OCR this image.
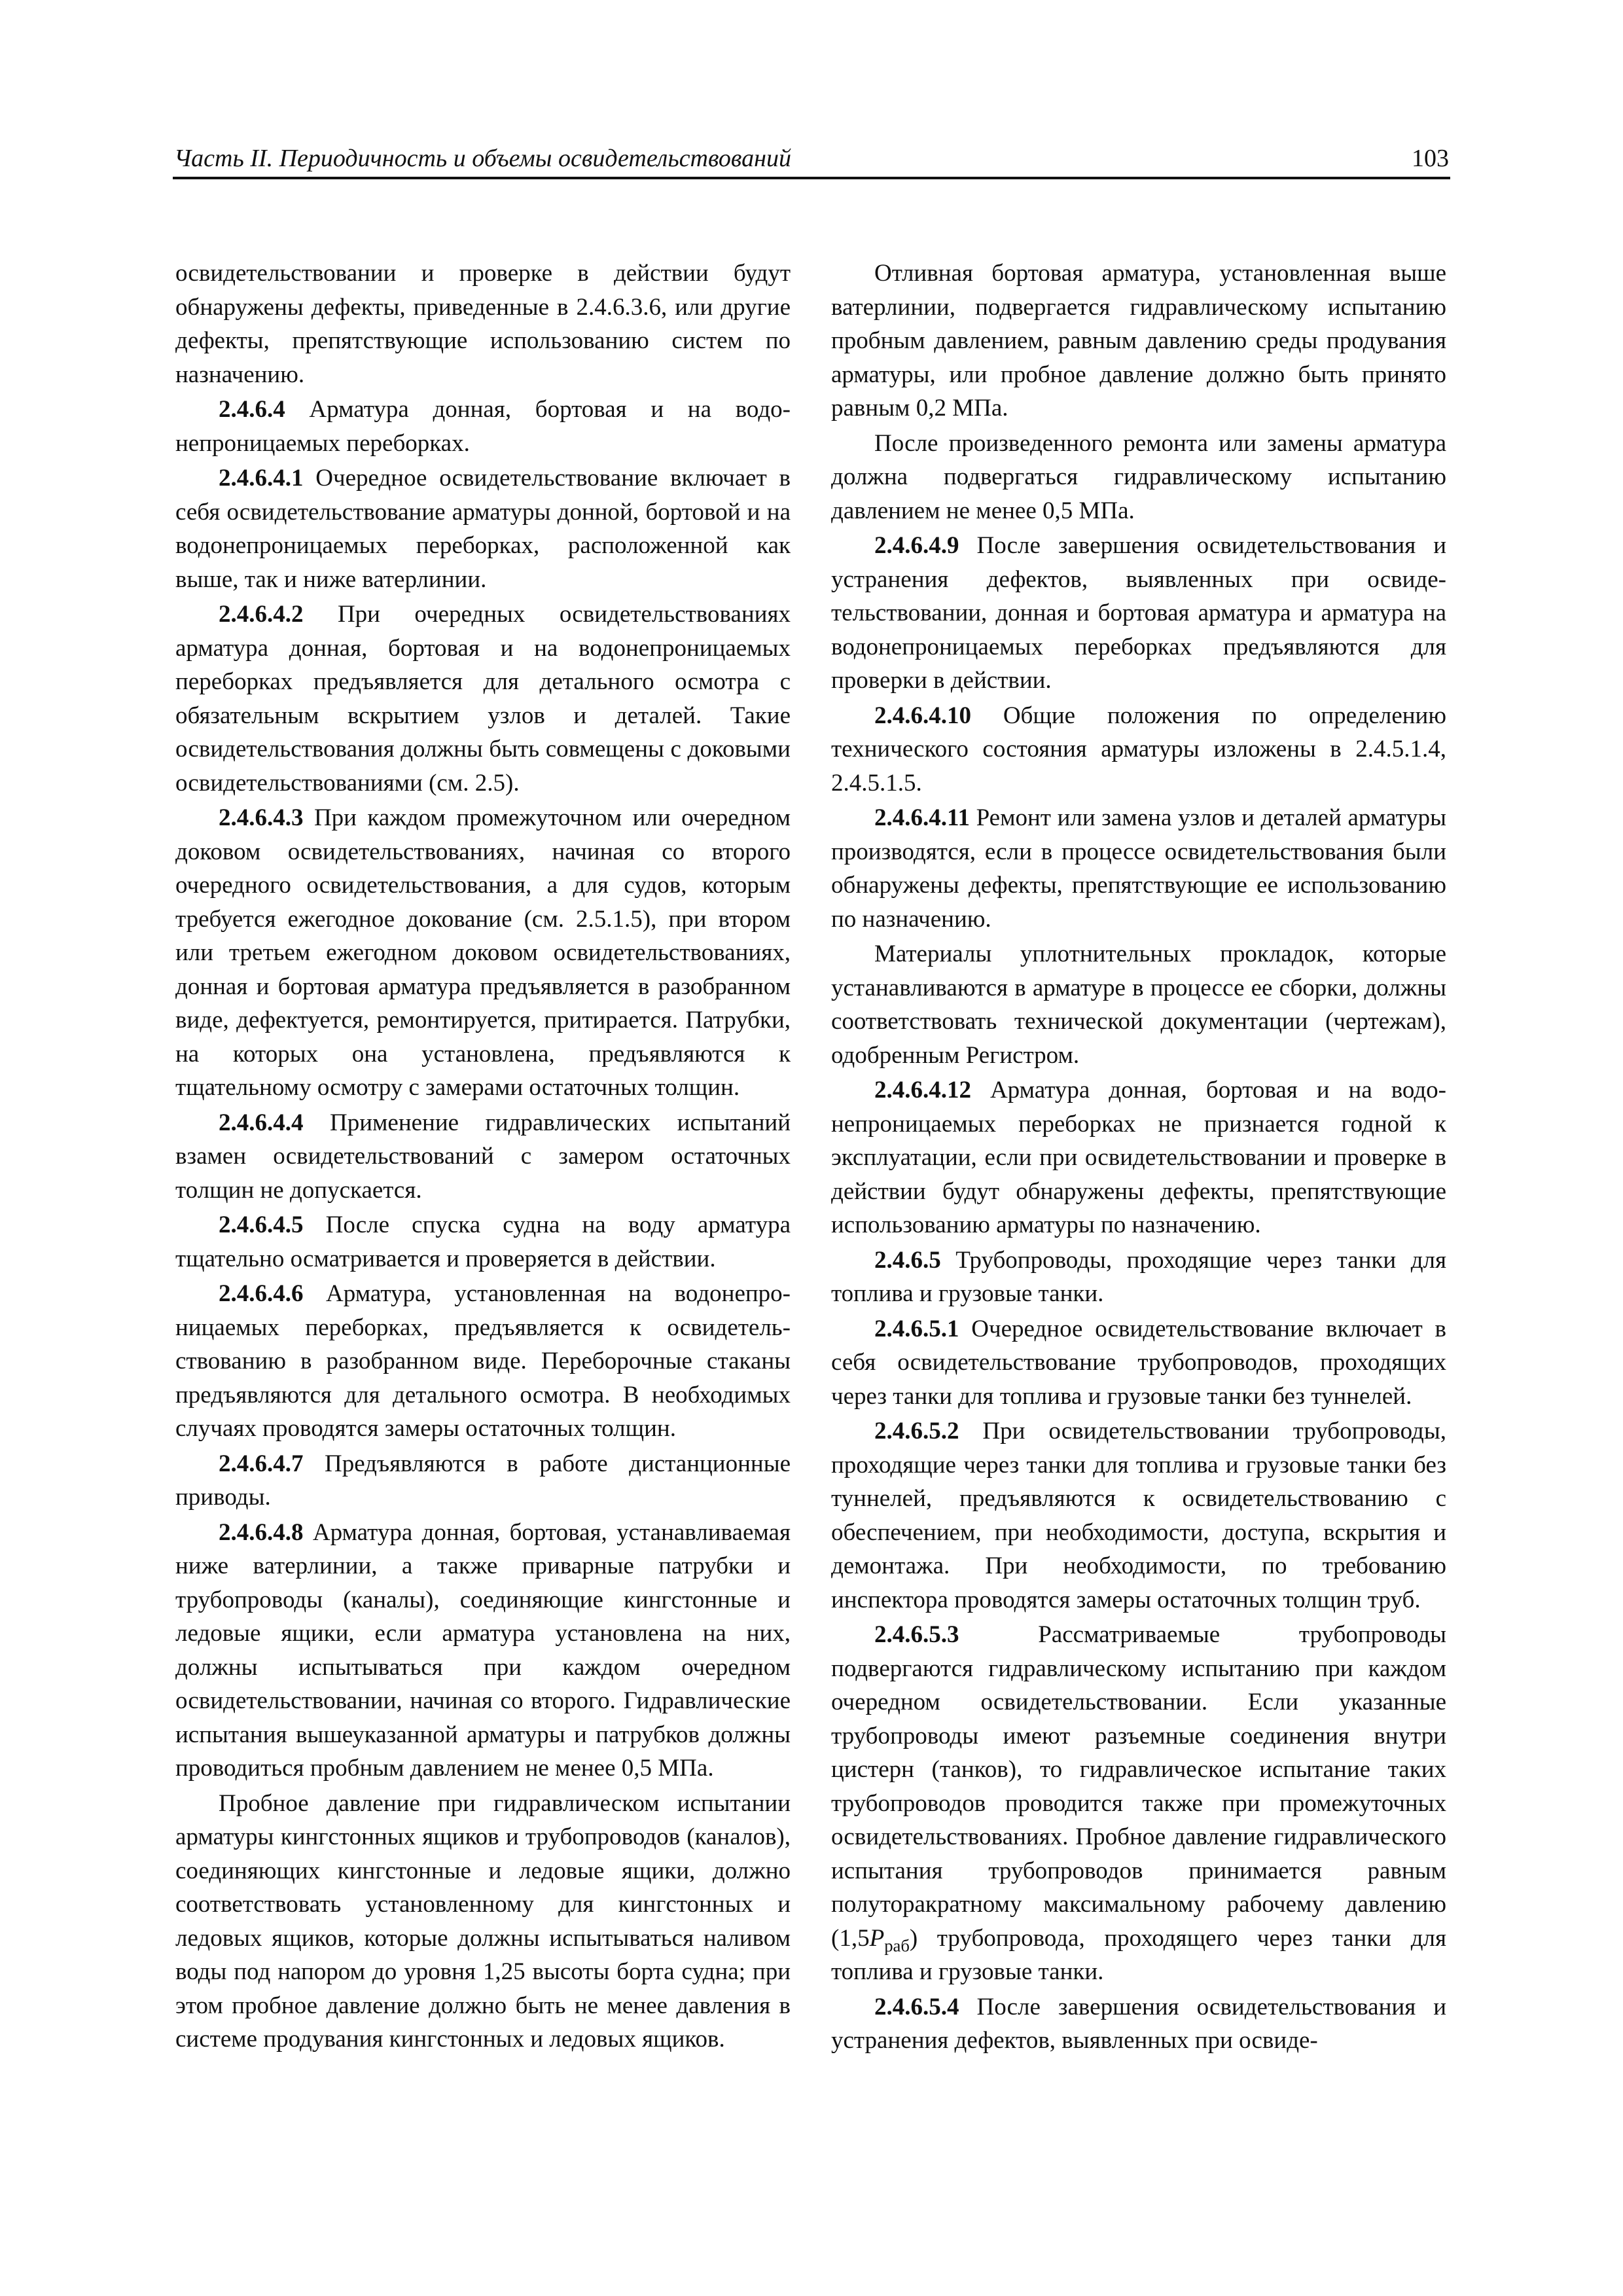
Часть II. Периодичность и объемы освидетельствований	103

освидетельствовании и проверке в действии будут обнаружены дефекты, приведенные в 2.4.6.3.6, или другие дефекты, препятствующие использованию систем по назначению.

2.4.6.4 Арматура донная, бортовая и на водонепроницаемых переборках.

2.4.6.4.1 Очередное освидетельствование включает в себя освидетельствование арматуры донной, бортовой и на водонепроницаемых переборках, расположенной как выше, так и ниже ватерлинии.

2.4.6.4.2 При очередных освидетельствованиях арматура донная, бортовая и на водонепроницаемых переборках предъявляется для детального осмотра с обязательным вскрытием узлов и деталей. Такие освидетельствования должны быть совмещены с доковыми освидетельствованиями (см. 2.5).

2.4.6.4.3 При каждом промежуточном или очередном доковом освидетельствованиях, начиная со второго очередного освидетельствования, а для судов, которым требуется ежегодное докование (см. 2.5.1.5), при втором или третьем ежегодном доковом освидетельствованиях, донная и бортовая арматура предъявляется в разобранном виде, дефектуется, ремонтируется, притирается. Патрубки, на которых она установлена, предъявляются к тщательному осмотру с замерами остаточных толщин.

2.4.6.4.4 Применение гидравлических испытаний взамен освидетельствований с замером остаточных толщин не допускается.

2.4.6.4.5 После спуска судна на воду арматура тщательно осматривается и проверяется в действии.

2.4.6.4.6 Арматура, установленная на водонепроницаемых переборках, предъявляется к освидетельствованию в разобранном виде. Переборочные стаканы предъявляются для детального осмотра. В необходимых случаях проводятся замеры остаточных толщин.

2.4.6.4.7 Предъявляются в работе дистанционные приводы.

2.4.6.4.8 Арматура донная, бортовая, устанавливаемая ниже ватерлинии, а также приварные патрубки и трубопроводы (каналы), соединяющие кингстонные и ледовые ящики, если арматура установлена на них, должны испытываться при каждом очередном освидетельствовании, начиная со второго. Гидравлические испытания вышеуказанной арматуры и патрубков должны проводиться пробным давлением не менее 0,5 МПа.

Пробное давление при гидравлическом испытании арматуры кингстонных ящиков и трубопроводов (каналов), соединяющих кингстонные и ледовые ящики, должно соответствовать установленному для кингстонных и ледовых ящиков, которые должны испытываться наливом воды под напором до уровня 1,25 высоты борта судна; при этом пробное давление должно быть не менее давления в системе продувания кингстонных и ледовых ящиков.

Отливная бортовая арматура, установленная выше ватерлинии, подвергается гидравлическому испытанию пробным давлением, равным давлению среды продувания арматуры, или пробное давление должно быть принято равным 0,2 МПа.

После произведенного ремонта или замены арматура должна подвергаться гидравлическому испытанию давлением не менее 0,5 МПа.

2.4.6.4.9 После завершения освидетельствования и устранения дефектов, выявленных при освидетельствовании, донная и бортовая арматура и арматура на водонепроницаемых переборках предъявляются для проверки в действии.

2.4.6.4.10 Общие положения по определению технического состояния арматуры изложены в 2.4.5.1.4, 2.4.5.1.5.

2.4.6.4.11 Ремонт или замена узлов и деталей арматуры производятся, если в процессе освидетельствования были обнаружены дефекты, препятствующие ее использованию по назначению.

Материалы уплотнительных прокладок, которые устанавливаются в арматуре в процессе ее сборки, должны соответствовать технической документации (чертежам), одобренным Регистром.

2.4.6.4.12 Арматура донная, бортовая и на водонепроницаемых переборках не признается годной к эксплуатации, если при освидетельствовании и проверке в действии будут обнаружены дефекты, препятствующие использованию арматуры по назначению.

2.4.6.5 Трубопроводы, проходящие через танки для топлива и грузовые танки.

2.4.6.5.1 Очередное освидетельствование включает в себя освидетельствование трубопроводов, проходящих через танки для топлива и грузовые танки без туннелей.

2.4.6.5.2 При освидетельствовании трубопроводы, проходящие через танки для топлива и грузовые танки без туннелей, предъявляются к освидетельствованию с обеспечением, при необходимости, доступа, вскрытия и демонтажа. При необходимости, по требованию инспектора проводятся замеры остаточных толщин труб.

2.4.6.5.3 Рассматриваемые трубопроводы подвергаются гидравлическому испытанию при каждом очередном освидетельствовании. Если указанные трубопроводы имеют разъемные соединения внутри цистерн (танков), то гидравлическое испытание таких трубопроводов проводится также при промежуточных освидетельствованиях. Пробное давление гидравлического испытания трубопроводов принимается равным полуторакратному максимальному рабочему давлению $(1,5P_{раб})$ трубопровода, проходящего через танки для топлива и грузовые танки.

2.4.6.5.4 После завершения освидетельствования и устранения дефектов, выявленных при освиде-
